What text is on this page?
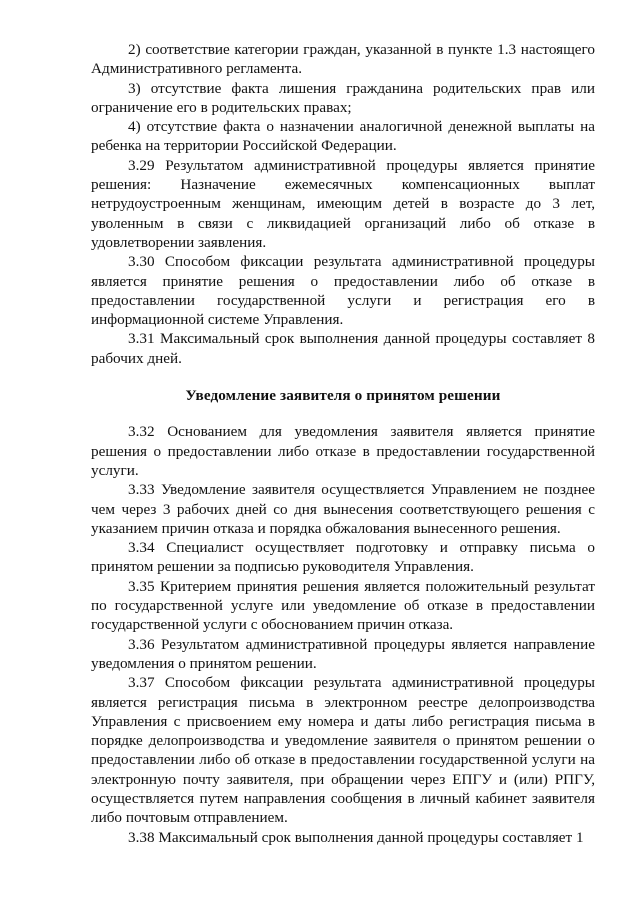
2) соответствие категории граждан, указанной в пункте 1.3 настоящего Административного регламента.

3) отсутствие факта лишения гражданина родительских прав или ограничение его в родительских правах;

4) отсутствие факта о назначении аналогичной денежной выплаты на ребенка на территории Российской Федерации.

3.29 Результатом административной процедуры является принятие решения: Назначение ежемесячных компенсационных выплат нетрудоустроенным женщинам, имеющим детей в возрасте до 3 лет, уволенным в связи с ликвидацией организаций либо об отказе в удовлетворении заявления.

3.30 Способом фиксации результата административной процедуры является принятие решения о предоставлении либо об отказе в предоставлении государственной услуги и регистрация его в информационной системе Управления.

3.31 Максимальный срок выполнения данной процедуры составляет 8 рабочих дней.

Уведомление заявителя о принятом решении

3.32 Основанием для уведомления заявителя является принятие решения о предоставлении либо отказе в предоставлении государственной услуги.

3.33 Уведомление заявителя осуществляется Управлением не позднее чем через 3 рабочих дней со дня вынесения соответствующего решения с указанием причин отказа и порядка обжалования вынесенного решения.

3.34 Специалист осуществляет подготовку и отправку письма о принятом решении за подписью руководителя Управления.

3.35 Критерием принятия решения является положительный результат по государственной услуге или уведомление об отказе в предоставлении государственной услуги с обоснованием причин отказа.

3.36 Результатом административной процедуры является направление уведомления о принятом решении.

3.37 Способом фиксации результата административной процедуры является регистрация письма в электронном реестре делопроизводства Управления с присвоением ему номера и даты либо регистрация письма в порядке делопроизводства и уведомление заявителя о принятом решении о предоставлении либо об отказе в предоставлении государственной услуги на электронную почту заявителя, при обращении через ЕПГУ и (или) РПГУ, осуществляется путем направления сообщения в личный кабинет заявителя либо почтовым отправлением.

3.38 Максимальный срок выполнения данной процедуры составляет 1
